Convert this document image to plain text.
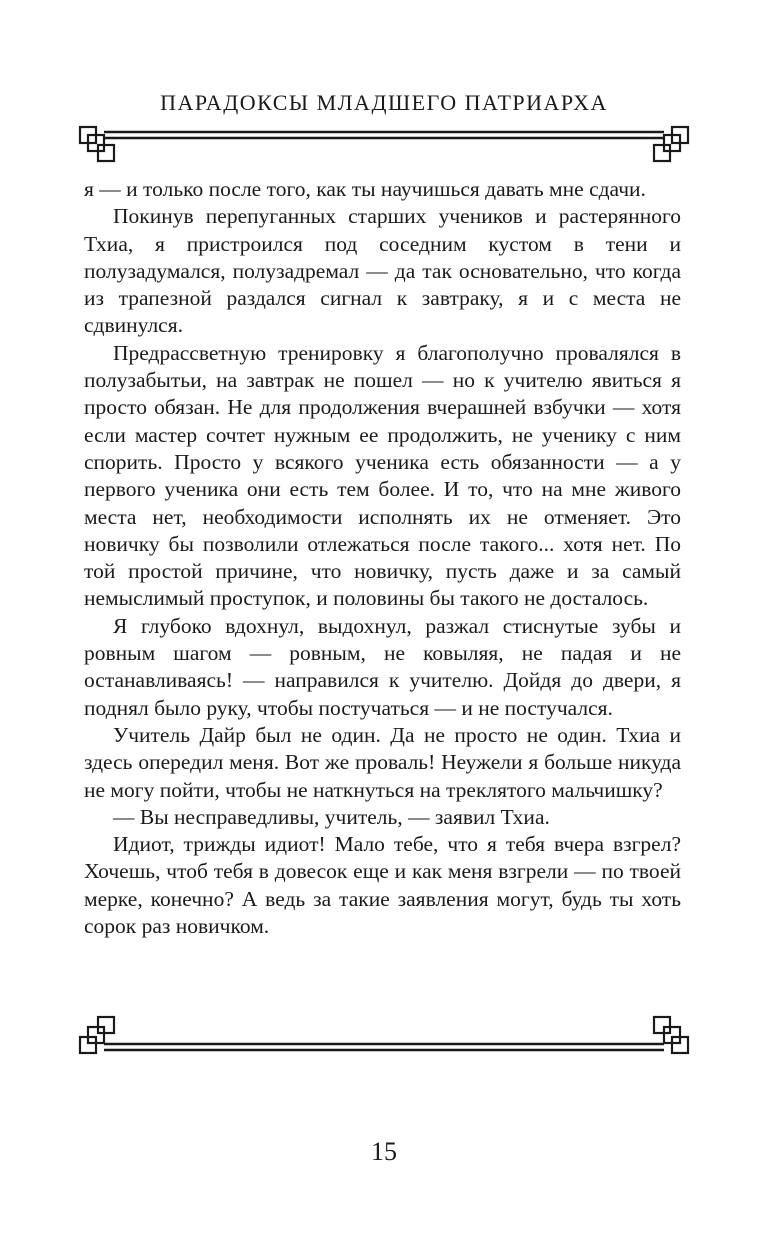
ПАРАДОКСЫ МЛАДШЕГО ПАТРИАРХА

я — и только после того, как ты научишься давать мне сдачи.

Покинув перепуганных старших учеников и растерянного Тхиа, я пристроился под соседним кустом в тени и полузадумался, полузадремал — да так основательно, что когда из трапезной раздался сигнал к завтраку, я и с места не сдвинулся.

Предрассветную тренировку я благополучно провалялся в полузабытьи, на завтрак не пошел — но к учителю явиться я просто обязан. Не для продолжения вчерашней взбучки — хотя если мастер сочтет нужным ее продолжить, не ученику с ним спорить. Просто у всякого ученика есть обязанности — а у первого ученика они есть тем более. И то, что на мне живого места нет, необходимости исполнять их не отменяет. Это новичку бы позволили отлежаться после такого... хотя нет. По той простой причине, что новичку, пусть даже и за самый немыслимый проступок, и половины бы такого не досталось.

Я глубоко вдохнул, выдохнул, разжал стиснутые зубы и ровным шагом — ровным, не ковыляя, не падая и не останавливаясь! — направился к учителю. Дойдя до двери, я поднял было руку, чтобы постучаться — и не постучался.

Учитель Дайр был не один. Да не просто не один. Тхиа и здесь опередил меня. Вот же проваль! Неужели я больше никуда не могу пойти, чтобы не наткнуться на треклятого мальчишку?

— Вы несправедливы, учитель, — заявил Тхиа.

Идиот, трижды идиот! Мало тебе, что я тебя вчера взгрел? Хочешь, чтоб тебя в довесок еще и как меня взгрели — по твоей мерке, конечно? А ведь за такие заявления могут, будь ты хоть сорок раз новичком.

15
